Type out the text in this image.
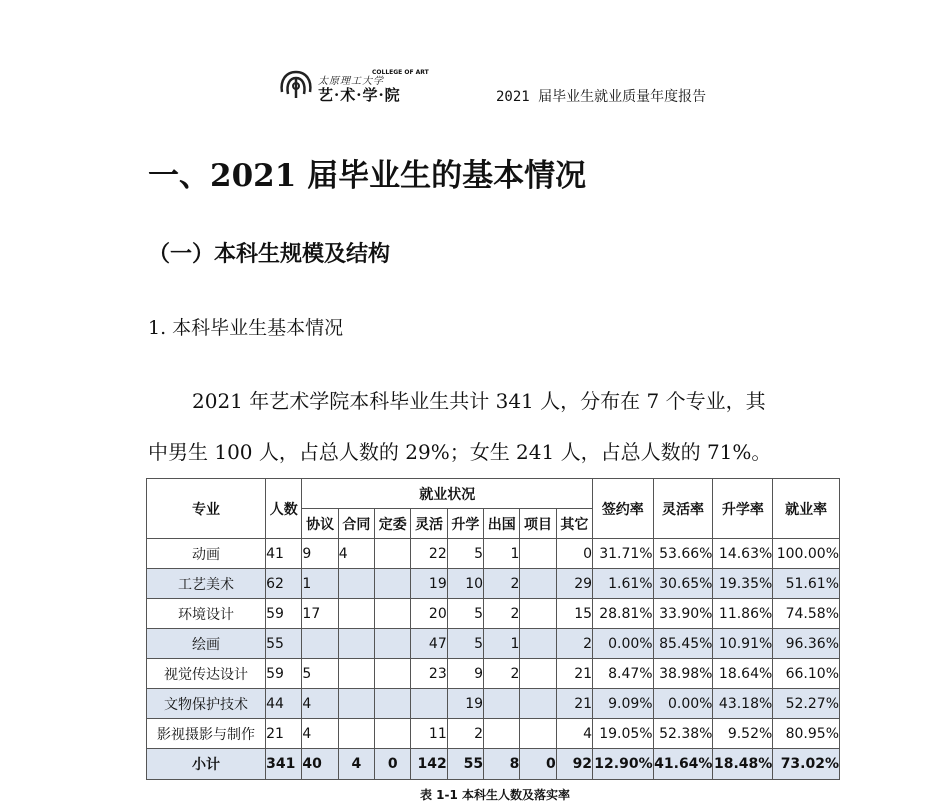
太原理工大学
COLLEGE OF ART
艺·术·学·院	2021 届毕业生就业质量年度报告
一、2021 届毕业生的基本情况
（一）本科生规模及结构
1. 本科毕业生基本情况
2021 年艺术学院本科毕业生共计 341 人，分布在 7 个专业，其
中男生 100 人，占总人数的 29%；女生 241 人，占总人数的 71%。
专业	人数	就业状况								签约率	灵活率	升学率	就业率
		协议	合同	定委	灵活	升学	出国	项目	其它				
动画	41	9	4		22	5	1		0	31.71%	53.66%	14.63%	100.00%
工艺美术	62	1			19	10	2		29	1.61%	30.65%	19.35%	51.61%
环境设计	59	17			20	5	2		15	28.81%	33.90%	11.86%	74.58%
绘画	55				47	5	1		2	0.00%	85.45%	10.91%	96.36%
视觉传达设计	59	5			23	9	2		21	8.47%	38.98%	18.64%	66.10%
文物保护技术	44	4				19			21	9.09%	0.00%	43.18%	52.27%
影视摄影与制作	21	4			11	2			4	19.05%	52.38%	9.52%	80.95%
小计	341	40	4	0	142	55	8	0	92	12.90%	41.64%	18.48%	73.02%
表 1-1 本科生人数及落实率
